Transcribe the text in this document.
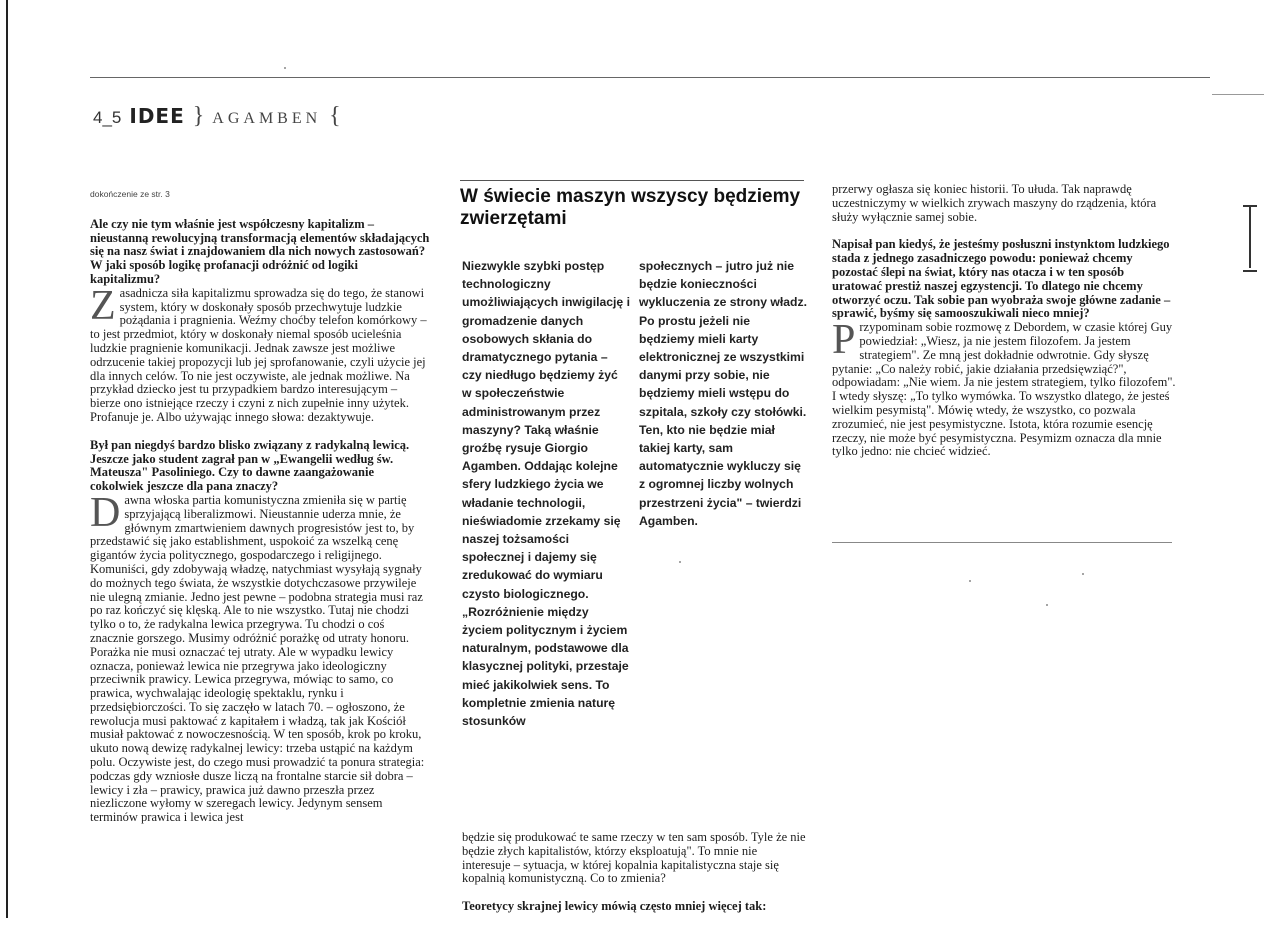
4_5 IDEE } AGAMBEN {

dokończenie ze str. 3

Ale czy nie tym właśnie jest współczesny kapitalizm – nieustanną rewolucyjną transformacją elementów składających się na nasz świat i znajdowaniem dla nich nowych zastosowań? W jaki sposób logikę profanacji odróżnić od logiki kapitalizmu?

Zasadnicza siła kapitalizmu sprowadza się do tego, że stanowi system, który w doskonały sposób przechwytuje ludzkie pożądania i pragnienia. Weźmy choćby telefon komórkowy – to jest przedmiot, który w doskonały niemal sposób ucieleśnia ludzkie pragnienie komunikacji. Jednak zawsze jest możliwe odrzucenie takiej propozycji lub jej sprofanowanie, czyli użycie jej dla innych celów. To nie jest oczywiste, ale jednak możliwe. Na przykład dziecko jest tu przypadkiem bardzo interesującym – bierze ono istniejące rzeczy i czyni z nich zupełnie inny użytek. Profanuje je. Albo używając innego słowa: dezaktywuje.

Był pan niegdyś bardzo blisko związany z radykalną lewicą. Jeszcze jako student zagrał pan w „Ewangelii według św. Mateusza" Pasoliniego. Czy to dawne zaangażowanie cokolwiek jeszcze dla pana znaczy?

Dawna włoska partia komunistyczna zmieniła się w partię sprzyjającą liberalizmowi. Nieustannie uderza mnie, że głównym zmartwieniem dawnych progresistów jest to, by przedstawić się jako establishment, uspokoić za wszelką cenę gigantów życia politycznego, gospodarczego i religijnego. Komuniści, gdy zdobywają władzę, natychmiast wysyłają sygnały do możnych tego świata, że wszystkie dotychczasowe przywileje nie ulegną zmianie. Jedno jest pewne – podobna strategia musi raz po raz kończyć się klęską. Ale to nie wszystko. Tutaj nie chodzi tylko o to, że radykalna lewica przegrywa. Tu chodzi o coś znacznie gorszego. Musimy odróżnić porażkę od utraty honoru. Porażka nie musi oznaczać tej utraty. Ale w wypadku lewicy oznacza, ponieważ lewica nie przegrywa jako ideologiczny przeciwnik prawicy. Lewica przegrywa, mówiąc to samo, co prawica, wychwalając ideologię spektaklu, rynku i przedsiębiorczości. To się zaczęło w latach 70. – ogłoszono, że rewolucja musi paktować z kapitałem i władzą, tak jak Kościół musiał paktować z nowoczesnością. W ten sposób, krok po kroku, ukuto nową dewizę radykalnej lewicy: trzeba ustąpić na każdym polu. Oczywiste jest, do czego musi prowadzić ta ponura strategia: podczas gdy wzniosłe dusze liczą na frontalne starcie sił dobra – lewicy i zła – prawicy, prawica już dawno przeszła przez niezliczone wyłomy w szeregach lewicy. Jedynym sensem terminów prawica i lewica jest

W świecie maszyn wszyscy będziemy zwierzętami
Niezwykle szybki postęp technologiczny umożliwiających inwigilację i gromadzenie danych osobowych skłania do dramatycznego pytania – czy niedługo będziemy żyć w społeczeństwie administrowanym przez maszyny? Taką właśnie groźbę rysuje Giorgio Agamben. Oddając kolejne sfery ludzkiego życia we władanie technologii, nieświadomie zrzekamy się naszej tożsamości społecznej i dajemy się zredukować do wymiaru czysto biologicznego. „Rozróżnienie między życiem politycznym i życiem naturalnym, podstawowe dla klasycznej polityki, przestaje mieć jakikolwiek sens. To kompletnie zmienia naturę stosunków
społecznych – jutro już nie będzie konieczności wykluczenia ze strony władz. Po prostu jeżeli nie będziemy mieli karty elektronicznej ze wszystkimi danymi przy sobie, nie będziemy mieli wstępu do szpitala, szkoły czy stołówki. Ten, kto nie będzie miał takiej karty, sam automatycznie wykluczy się z ogromnej liczby wolnych przestrzeni życia" – twierdzi Agamben.

będzie się produkować te same rzeczy w ten sam sposób. Tyle że nie będzie złych kapitalistów, którzy eksploatują". To mnie nie interesuje – sytuacja, w której kopalnia kapitalistyczna staje się kopalnią komunistyczną. Co to zmienia?

Teoretycy skrajnej lewicy mówią często mniej więcej tak:

przerwy ogłasza się koniec historii. To ułuda. Tak naprawdę uczestniczymy w wielkich zrywach maszyny do rządzenia, która służy wyłącznie samej sobie.

Napisał pan kiedyś, że jesteśmy posłuszni instynktom ludzkiego stada z jednego zasadniczego powodu: ponieważ chcemy pozostać ślepi na świat, który nas otacza i w ten sposób uratować prestiż naszej egzystencji. To dlatego nie chcemy otworzyć oczu. Tak sobie pan wyobraża swoje główne zadanie – sprawić, byśmy się samooszukiwali nieco mniej?

Przypominam sobie rozmowę z Debordem, w czasie której Guy powiedział: „Wiesz, ja nie jestem filozofem. Ja jestem strategiem". Ze mną jest dokładnie odwrotnie. Gdy słyszę pytanie: „Co należy robić, jakie działania przedsięwziąć?", odpowiadam: „Nie wiem. Ja nie jestem strategiem, tylko filozofem". I wtedy słyszę: „To tylko wymówka. To wszystko dlatego, że jesteś wielkim pesymistą". Mówię wtedy, że wszystko, co pozwala zrozumieć, nie jest pesymistyczne. Istota, która rozumie esencję rzeczy, nie może być pesymistyczna. Pesymizm oznacza dla mnie tylko jedno: nie chcieć widzieć.
